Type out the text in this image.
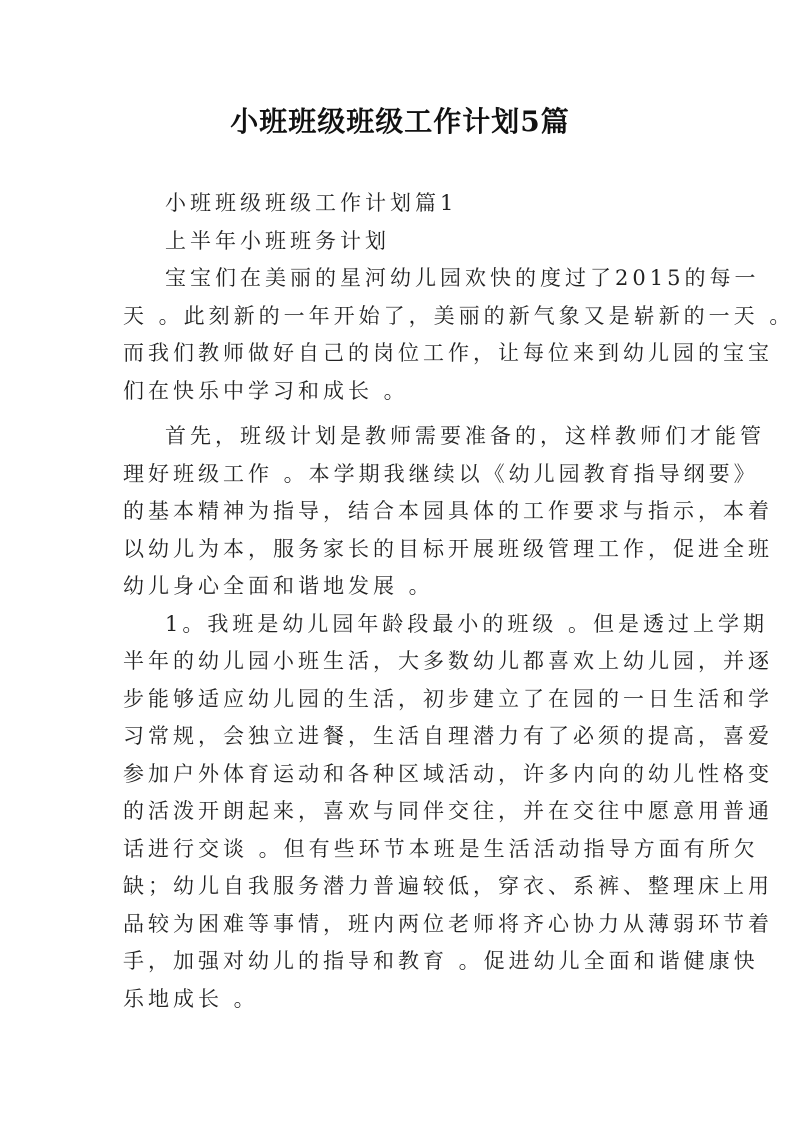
小班班级班级工作计划5篇
小班班级班级工作计划篇1
上半年小班班务计划
宝宝们在美丽的星河幼儿园欢快的度过了2015的每一
天 。此刻新的一年开始了，美丽的新气象又是崭新的一天 。
而我们教师做好自己的岗位工作，让每位来到幼儿园的宝宝
们在快乐中学习和成长 。
首先，班级计划是教师需要准备的，这样教师们才能管
理好班级工作 。本学期我继续以《幼儿园教育指导纲要》
的基本精神为指导，结合本园具体的工作要求与指示，本着
以幼儿为本，服务家长的目标开展班级管理工作，促进全班
幼儿身心全面和谐地发展 。
1。我班是幼儿园年龄段最小的班级 。但是透过上学期
半年的幼儿园小班生活，大多数幼儿都喜欢上幼儿园，并逐
步能够适应幼儿园的生活，初步建立了在园的一日生活和学
习常规，会独立进餐，生活自理潜力有了必须的提高，喜爱
参加户外体育运动和各种区域活动，许多内向的幼儿性格变
的活泼开朗起来，喜欢与同伴交往，并在交往中愿意用普通
话进行交谈 。但有些环节本班是生活活动指导方面有所欠
缺；幼儿自我服务潜力普遍较低，穿衣、系裤、整理床上用
品较为困难等事情，班内两位老师将齐心协力从薄弱环节着
手，加强对幼儿的指导和教育 。促进幼儿全面和谐健康快
乐地成长 。
